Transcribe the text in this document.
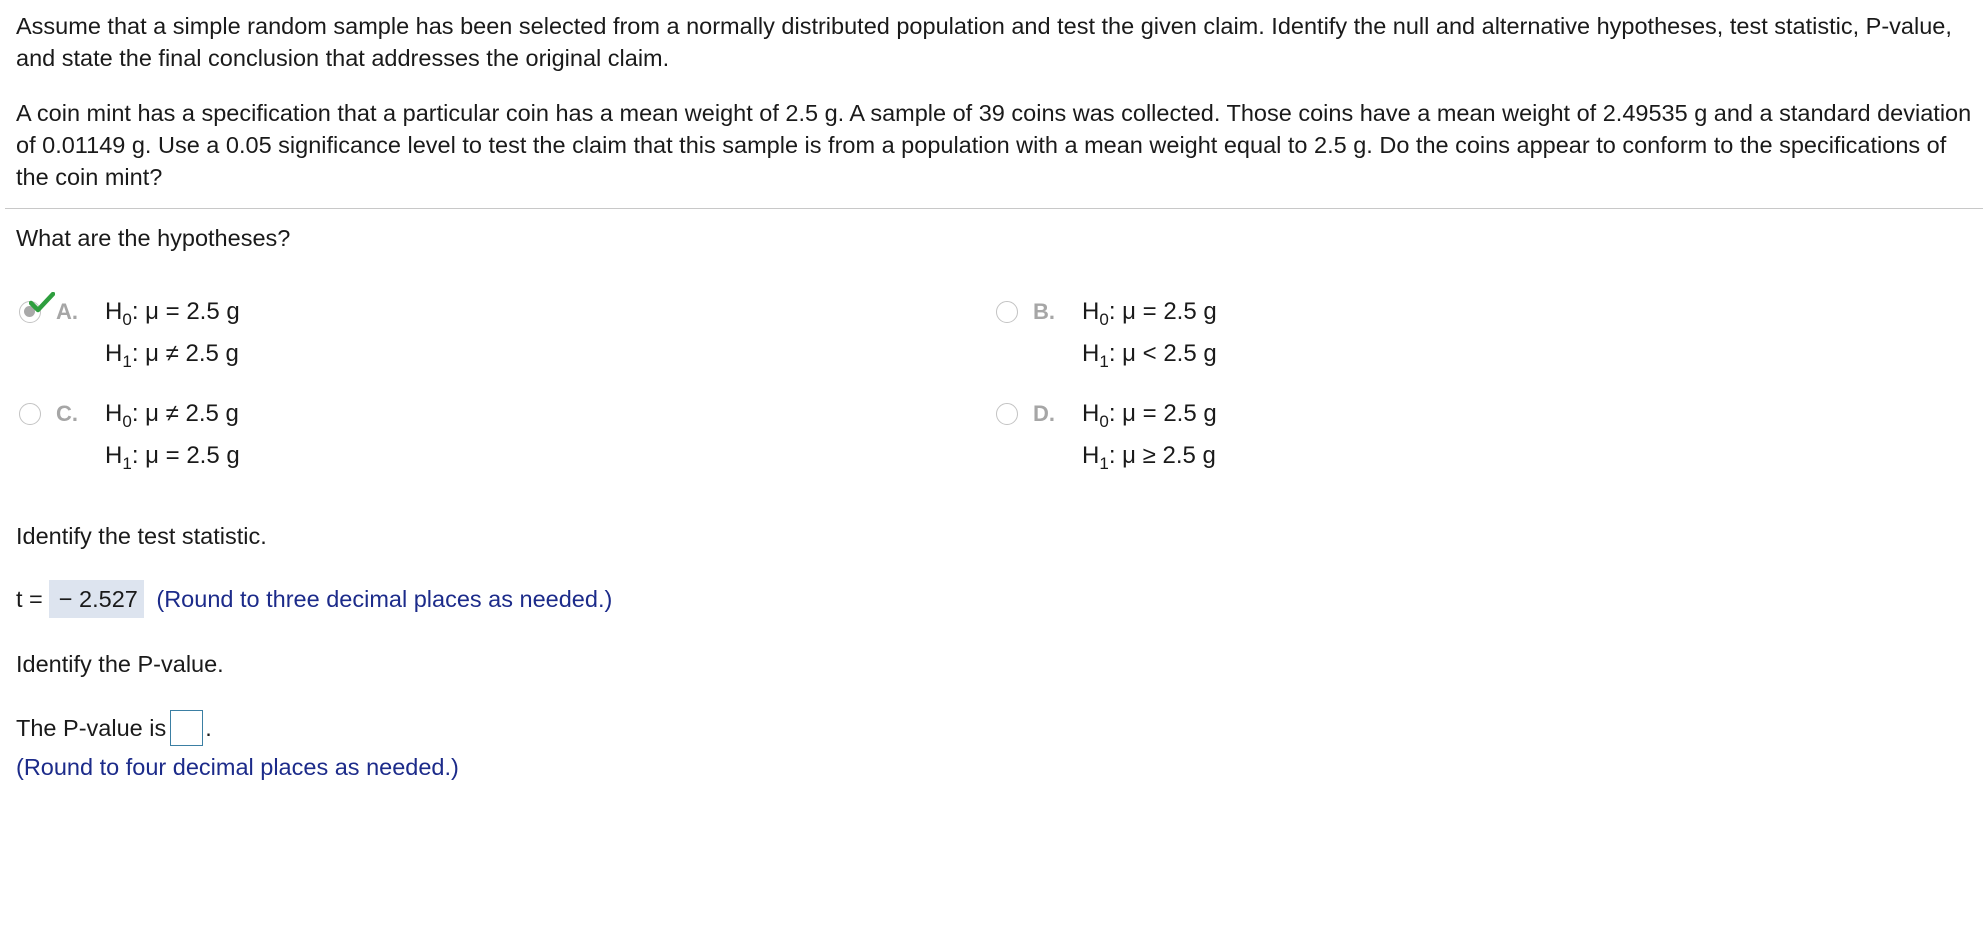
Assume that a simple random sample has been selected from a normally distributed population and test the given claim. Identify the null and alternative hypotheses, test statistic, P-value, and state the final conclusion that addresses the original claim.

A coin mint has a specification that a particular coin has a mean weight of 2.5 g. A sample of 39 coins was collected. Those coins have a mean weight of 2.49535 g and a standard deviation of 0.01149 g. Use a 0.05 significance level to test the claim that this sample is from a population with a mean weight equal to 2.5 g. Do the coins appear to conform to the specifications of the coin mint?

What are the hypotheses?

A. $H_0$: μ = 2.5 g
$H_1$: μ ≠ 2.5 g
B. $H_0$: μ = 2.5 g
$H_1$: μ < 2.5 g
C. $H_0$: μ ≠ 2.5 g
$H_1$: μ = 2.5 g
D. $H_0$: μ = 2.5 g
$H_1$: μ ≥ 2.5 g

Identify the test statistic.

t = − 2.527 (Round to three decimal places as needed.)

Identify the P-value.

The P-value is .
(Round to four decimal places as needed.)
